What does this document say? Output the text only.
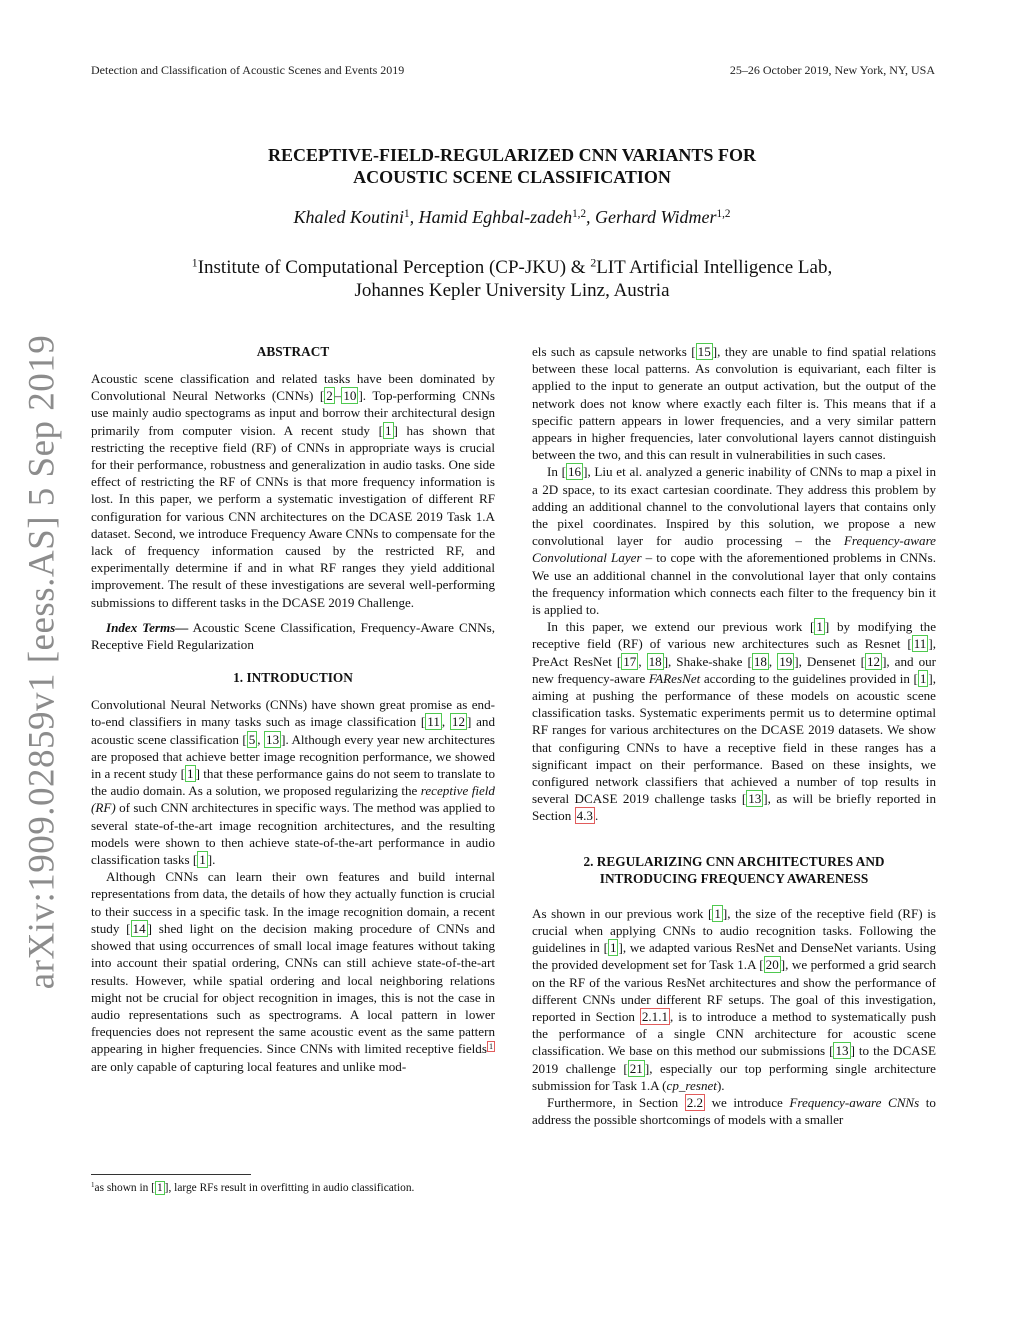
Detection and Classification of Acoustic Scenes and Events 2019	25–26 October 2019, New York, NY, USA
arXiv:1909.02859v1 [eess.AS] 5 Sep 2019
RECEPTIVE-FIELD-REGULARIZED CNN VARIANTS FOR
ACOUSTIC SCENE CLASSIFICATION
Khaled Koutini$^1$, Hamid Eghbal-zadeh$^{1,2}$, Gerhard Widmer$^{1,2}$
$^1$Institute of Computational Perception (CP-JKU) & $^2$LIT Artificial Intelligence Lab,
Johannes Kepler University Linz, Austria
ABSTRACT

Acoustic scene classification and related tasks have been dominated by Convolutional Neural Networks (CNNs) [ 2 – 10 ]. Top-performing CNNs use mainly audio spectograms as input and borrow their architectural design primarily from computer vision. A recent study [ 1 ] has shown that restricting the receptive field (RF) of CNNs in appropriate ways is crucial for their performance, robustness and generalization in audio tasks. One side effect of restricting the RF of CNNs is that more frequency information is lost. In this paper, we perform a systematic investigation of different RF configuration for various CNN architectures on the DCASE 2019 Task 1.A dataset. Second, we introduce Frequency Aware CNNs to compensate for the lack of frequency information caused by the restricted RF, and experimentally determine if and in what RF ranges they yield additional improvement. The result of these investigations are several well-performing submissions to different tasks in the DCASE 2019 Challenge.

Index Terms— Acoustic Scene Classification, Frequency-Aware CNNs, Receptive Field Regularization

1. INTRODUCTION

Convolutional Neural Networks (CNNs) have shown great promise as end-to-end classifiers in many tasks such as image classification [ 11 , 12 ] and acoustic scene classification [ 5 , 13 ]. Although every year new architectures are proposed that achieve better image recognition performance, we showed in a recent study [ 1 ] that these performance gains do not seem to translate to the audio domain. As a solution, we proposed regularizing the receptive field (RF) of such CNN architectures in specific ways. The method was applied to several state-of-the-art image recognition architectures, and the resulting models were shown to then achieve state-of-the-art performance in audio classification tasks [ 1 ].

Although CNNs can learn their own features and build internal representations from data, the details of how they actually function is crucial to their success in a specific task. In the image recognition domain, a recent study [ 14 ] shed light on the decision making procedure of CNNs and showed that using occurrences of small local image features without taking into account their spatial ordering, CNNs can still achieve state-of-the-art results. However, while spatial ordering and local neighboring relations might not be crucial for object recognition in images, this is not the case in audio representations such as spectrograms. A local pattern in lower frequencies does not represent the same acoustic event as the same pattern appearing in higher frequencies. Since CNNs with limited receptive fields $^1$ are only capable of capturing local features and unlike mod-

els such as capsule networks [ 15 ], they are unable to find spatial relations between these local patterns. As convolution is equivariant, each filter is applied to the input to generate an output activation, but the output of the network does not know where exactly each filter is. This means that if a specific pattern appears in lower frequencies, and a very similar pattern appears in higher frequencies, later convolutional layers cannot distinguish between the two, and this can result in vulnerabilities in such cases.

In [ 16 ], Liu et al. analyzed a generic inability of CNNs to map a pixel in a 2D space, to its exact cartesian coordinate. They address this problem by adding an additional channel to the convolutional layers that contains only the pixel coordinates. Inspired by this solution, we propose a new convolutional layer for audio processing – the Frequency-aware Convolutional Layer – to cope with the aforementioned problems in CNNs. We use an additional channel in the convolutional layer that only contains the frequency information which connects each filter to the frequency bin it is applied to.

In this paper, we extend our previous work [ 1 ] by modifying the receptive field (RF) of various new architectures such as Resnet [ 11 ], PreAct ResNet [ 17 , 18 ], Shake-shake [ 18 , 19 ], Densenet [ 12 ], and our new frequency-aware FAResNet according to the guidelines provided in [ 1 ], aiming at pushing the performance of these models on acoustic scene classification tasks. Systematic experiments permit us to determine optimal RF ranges for various architectures on the DCASE 2019 datasets. We show that configuring CNNs to have a receptive field in these ranges has a significant impact on their performance. Based on these insights, we configured network classifiers that achieved a number of top results in several DCASE 2019 challenge tasks [ 13 ], as will be briefly reported in Section 4.3 .

2. REGULARIZING CNN ARCHITECTURES AND
INTRODUCING FREQUENCY AWARENESS

As shown in our previous work [ 1 ], the size of the receptive field (RF) is crucial when applying CNNs to audio recognition tasks. Following the guidelines in [ 1 ], we adapted various ResNet and DenseNet variants. Using the provided development set for Task 1.A [ 20 ], we performed a grid search on the RF of the various ResNet architectures and show the performance of different CNNs under different RF setups. The goal of this investigation, reported in Section 2.1.1 , is to introduce a method to systematically push the performance of a single CNN architecture for acoustic scene classification. We base on this method our submissions [ 13 ] to the DCASE 2019 challenge [ 21 ], especially our top performing single architecture submission for Task 1.A (cp_resnet).

Furthermore, in Section 2.2 we introduce Frequency-aware CNNs to address the possible shortcomings of models with a smaller

$^1$as shown in [ 1 ], large RFs result in overfitting in audio classification.
